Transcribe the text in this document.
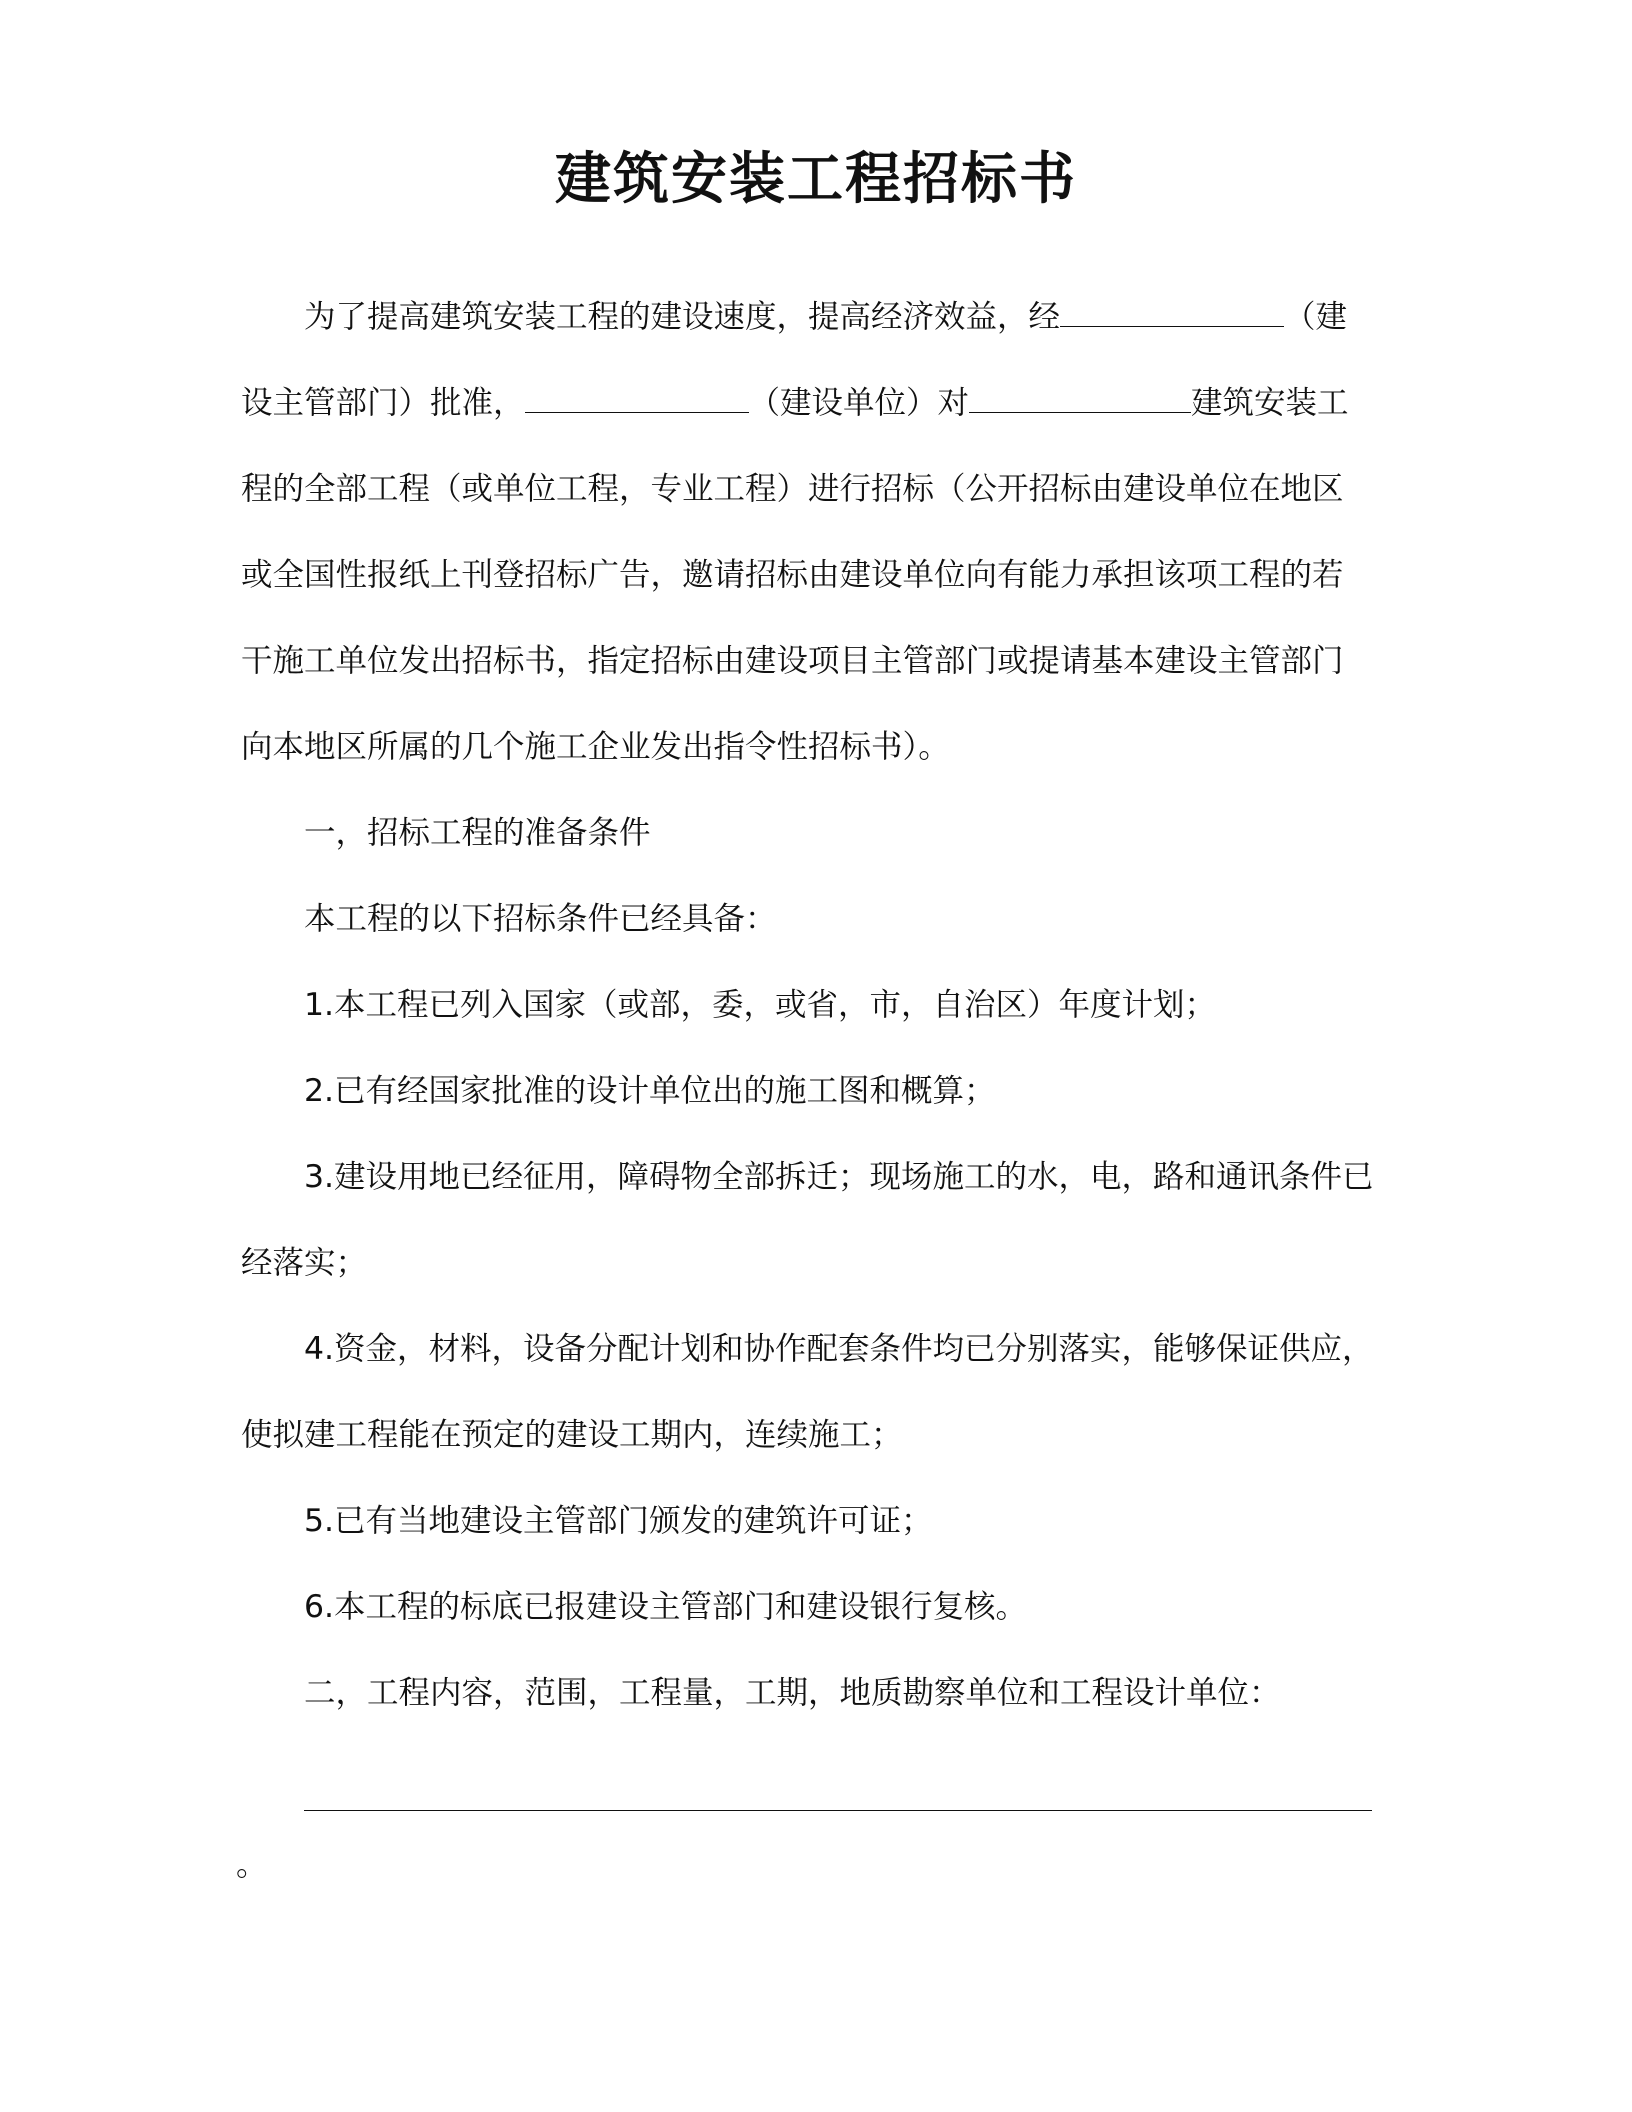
建筑安装工程招标书
为了提高建筑安装工程的建设速度，提高经济效益，经	（建
设主管部门）批准，	（建设单位）对	建筑安装工
程的全部工程（或单位工程，专业工程）进行招标（公开招标由建设单位在地区
或全国性报纸上刊登招标广告，邀请招标由建设单位向有能力承担该项工程的若
干施工单位发出招标书，指定招标由建设项目主管部门或提请基本建设主管部门
向本地区所属的几个施工企业发出指令性招标书）。
一，招标工程的准备条件
本工程的以下招标条件已经具备：
1.本工程已列入国家（或部，委，或省，市，自治区）年度计划；
2.已有经国家批准的设计单位出的施工图和概算；
3.建设用地已经征用，障碍物全部拆迁；现场施工的水，电，路和通讯条件已
经落实；
4.资金，材料，设备分配计划和协作配套条件均已分别落实，能够保证供应，
使拟建工程能在预定的建设工期内，连续施工；
5.已有当地建设主管部门颁发的建筑许可证；
6.本工程的标底已报建设主管部门和建设银行复核。
二，工程内容，范围，工程量，工期，地质勘察单位和工程设计单位：
。
